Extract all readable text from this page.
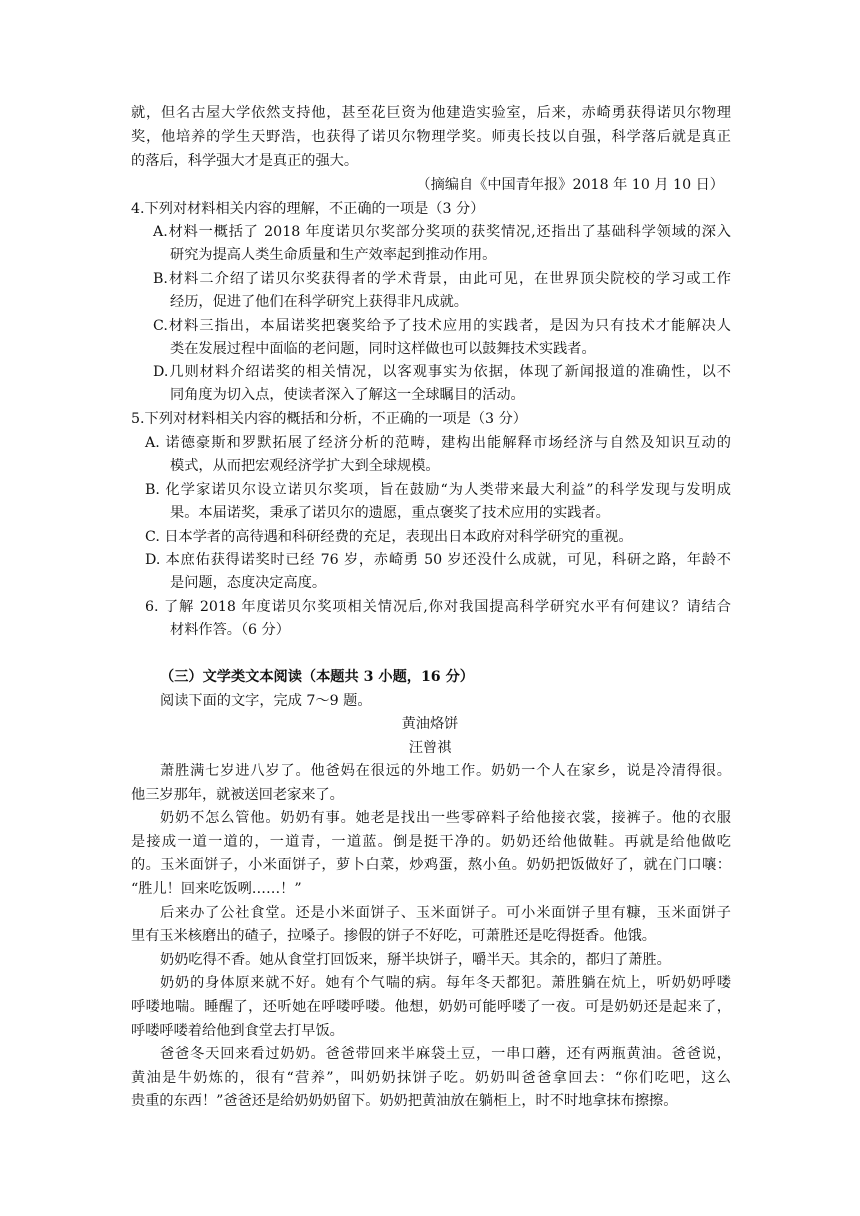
就，但名古屋大学依然支持他，甚至花巨资为他建造实验室，后来，赤崎勇获得诺贝尔物理
奖，他培养的学生天野浩，也获得了诺贝尔物理学奖。师夷长技以自强，科学落后就是真正
的落后，科学强大才是真正的强大。
（摘编自《中国青年报》2018 年 10 月 10 日）
4.下列对材料相关内容的理解，不正确的一项是（3 分）
A.材料一概括了 2018 年度诺贝尔奖部分奖项的获奖情况,还指出了基础科学领域的深入
研究为提高人类生命质量和生产效率起到推动作用。
B.材料二介绍了诺贝尔奖获得者的学术背景，由此可见，在世界顶尖院校的学习或工作
经历，促进了他们在科学研究上获得非凡成就。
C.材料三指出，本届诺奖把褒奖给予了技术应用的实践者，是因为只有技术才能解决人
类在发展过程中面临的老问题，同时这样做也可以鼓舞技术实践者。
D.几则材料介绍诺奖的相关情况，以客观事实为依据，体现了新闻报道的准确性，以不
同角度为切入点，使读者深入了解这一全球瞩目的活动。
5.下列对材料相关内容的概括和分析，不正确的一项是（3 分）
A. 诺德豪斯和罗默拓展了经济分析的范畴，建构出能解释市场经济与自然及知识互动的
模式，从而把宏观经济学扩大到全球规模。
B. 化学家诺贝尔设立诺贝尔奖项，旨在鼓励“为人类带来最大利益”的科学发现与发明成
果。本届诺奖，秉承了诺贝尔的遗愿，重点褒奖了技术应用的实践者。
C. 日本学者的高待遇和科研经费的充足，表现出日本政府对科学研究的重视。
D. 本庶佑获得诺奖时已经 76 岁，赤崎勇 50 岁还没什么成就，可见，科研之路，年龄不
是问题，态度决定高度。
6. 了解 2018 年度诺贝尔奖项相关情况后,你对我国提高科学研究水平有何建议？请结合
材料作答。（6 分）
（三）文学类文本阅读（本题共 3 小题，16 分）
阅读下面的文字，完成 7～9 题。
黄油烙饼
汪曾祺
萧胜满七岁进八岁了。他爸妈在很远的外地工作。奶奶一个人在家乡，说是冷清得很。
他三岁那年，就被送回老家来了。
奶奶不怎么管他。奶奶有事。她老是找出一些零碎料子给他接衣裳，接裤子。他的衣服
是接成一道一道的，一道青，一道蓝。倒是挺干净的。奶奶还给他做鞋。再就是给他做吃
的。玉米面饼子，小米面饼子，萝卜白菜，炒鸡蛋，熬小鱼。奶奶把饭做好了，就在门口嚷：
“胜儿！回来吃饭咧……！”
后来办了公社食堂。还是小米面饼子、玉米面饼子。可小米面饼子里有糠，玉米面饼子
里有玉米核磨出的碴子，拉嗓子。掺假的饼子不好吃，可萧胜还是吃得挺香。他饿。
奶奶吃得不香。她从食堂打回饭来，掰半块饼子，嚼半天。其余的，都归了萧胜。
奶奶的身体原来就不好。她有个气喘的病。每年冬天都犯。萧胜躺在炕上，听奶奶呼喽
呼喽地喘。睡醒了，还听她在呼喽呼喽。他想，奶奶可能呼喽了一夜。可是奶奶还是起来了，
呼喽呼喽着给他到食堂去打早饭。
爸爸冬天回来看过奶奶。爸爸带回来半麻袋土豆，一串口蘑，还有两瓶黄油。爸爸说，
黄油是牛奶炼的，很有“营养”，叫奶奶抹饼子吃。奶奶叫爸爸拿回去：“你们吃吧，这么
贵重的东西！”爸爸还是给奶奶奶留下。奶奶把黄油放在躺柜上，时不时地拿抹布擦擦。
